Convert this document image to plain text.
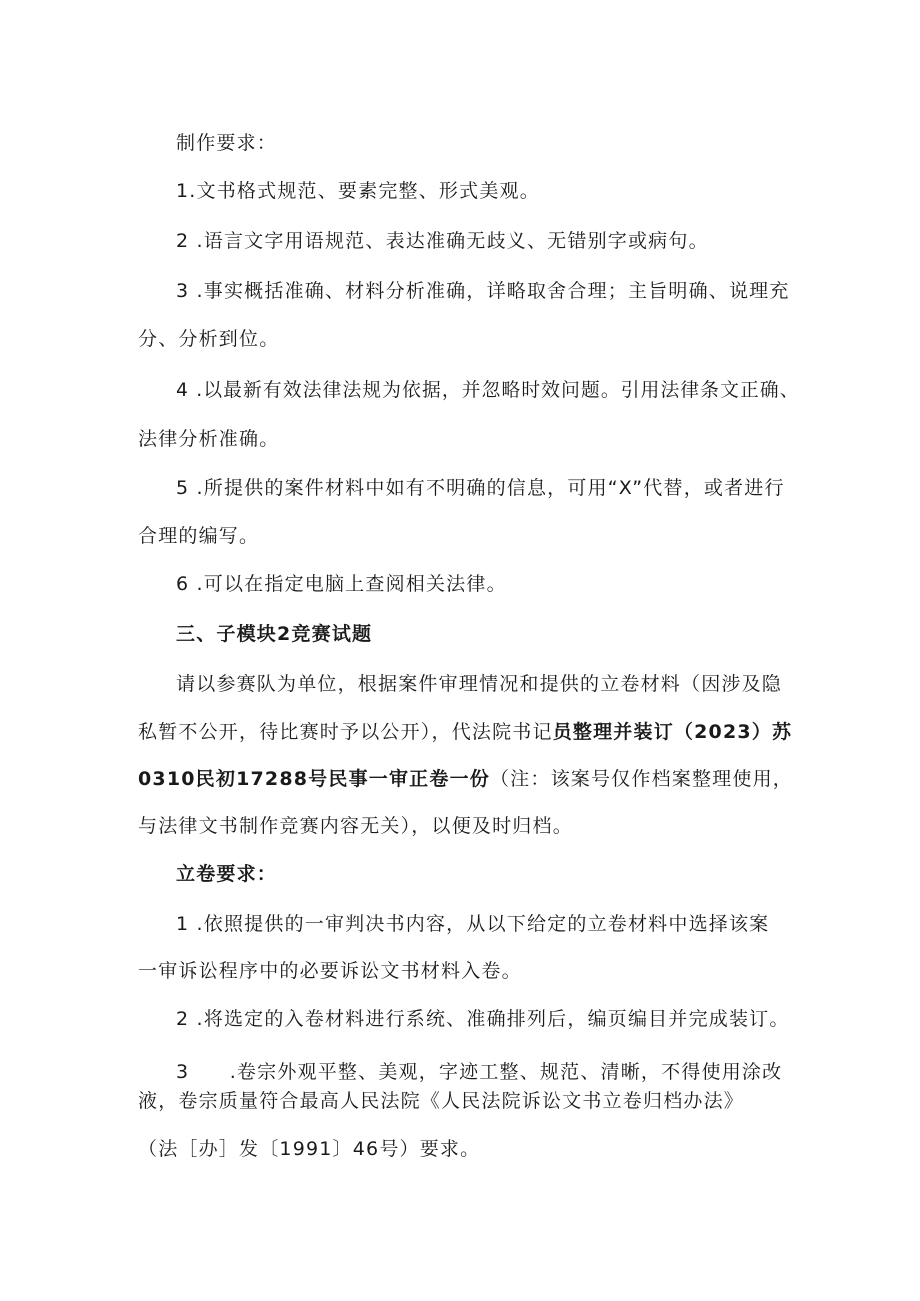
制作要求：
1.文书格式规范、要素完整、形式美观。
2 .语言文字用语规范、表达准确无歧义、无错别字或病句。
3 .事实概括准确、材料分析准确，详略取舍合理；主旨明确、说理充
分、分析到位。
4 .以最新有效法律法规为依据，并忽略时效问题。引用法律条文正确、
法律分析准确。
5 .所提供的案件材料中如有不明确的信息，可用“X”代替，或者进行
合理的编写。
6 .可以在指定电脑上查阅相关法律。
三、子模块2竞赛试题
请以参赛队为单位，根据案件审理情况和提供的立卷材料（因涉及隐
私暂不公开，待比赛时予以公开），代法院书记员整理并装订（2023）苏
0310民初17288号民事一审正卷一份（注：该案号仅作档案整理使用，
与法律文书制作竞赛内容无关），以便及时归档。
立卷要求：
1 .依照提供的一审判决书内容，从以下给定的立卷材料中选择该案
一审诉讼程序中的必要诉讼文书材料入卷。
2 .将选定的入卷材料进行系统、准确排列后，编页编目并完成装订。
3　　.卷宗外观平整、美观，字迹工整、规范、清晰，不得使用涂改
液，卷宗质量符合最高人民法院《人民法院诉讼文书立卷归档办法》
（法［办］发〔1991〕46号）要求。
